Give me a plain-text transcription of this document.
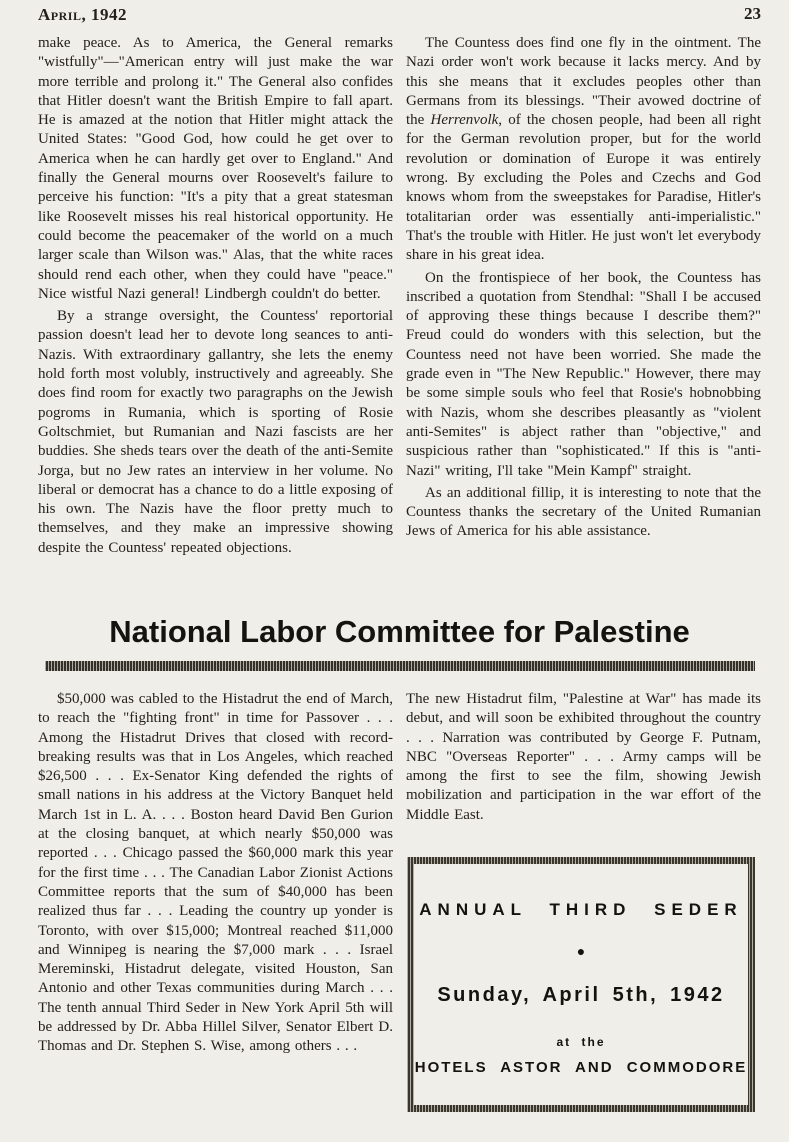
April, 1942	23

make peace. As to America, the General remarks "wistfully"—"American entry will just make the war more terrible and prolong it." The General also confides that Hitler doesn't want the British Empire to fall apart. He is amazed at the notion that Hitler might attack the United States: "Good God, how could he get over to America when he can hardly get over to England." And finally the General mourns over Roosevelt's failure to perceive his function: "It's a pity that a great statesman like Roosevelt misses his real historical opportunity. He could become the peacemaker of the world on a much larger scale than Wilson was." Alas, that the white races should rend each other, when they could have "peace." Nice wistful Nazi general! Lindbergh couldn't do better.

By a strange oversight, the Countess' reportorial passion doesn't lead her to devote long seances to anti-Nazis. With extraordinary gallantry, she lets the enemy hold forth most volubly, instructively and agreeably. She does find room for exactly two paragraphs on the Jewish pogroms in Rumania, which is sporting of Rosie Goltschmiet, but Rumanian and Nazi fascists are her buddies. She sheds tears over the death of the anti-Semite Jorga, but no Jew rates an interview in her volume. No liberal or democrat has a chance to do a little exposing of his own. The Nazis have the floor pretty much to themselves, and they make an impressive showing despite the Countess' repeated objections.

The Countess does find one fly in the ointment. The Nazi order won't work because it lacks mercy. And by this she means that it excludes peoples other than Germans from its blessings. "Their avowed doctrine of the Herrenvolk, of the chosen people, had been all right for the German revolution proper, but for the world revolution or domination of Europe it was entirely wrong. By excluding the Poles and Czechs and God knows whom from the sweepstakes for Paradise, Hitler's totalitarian order was essentially anti-imperialistic." That's the trouble with Hitler. He just won't let everybody share in his great idea.

On the frontispiece of her book, the Countess has inscribed a quotation from Stendhal: "Shall I be accused of approving these things because I describe them?" Freud could do wonders with this selection, but the Countess need not have been worried. She made the grade even in "The New Republic." However, there may be some simple souls who feel that Rosie's hobnobbing with Nazis, whom she describes pleasantly as "violent anti-Semites" is abject rather than "objective," and suspicious rather than "sophisticated." If this is "anti-Nazi" writing, I'll take "Mein Kampf" straight.

As an additional fillip, it is interesting to note that the Countess thanks the secretary of the United Rumanian Jews of America for his able assistance.

National Labor Committee for Palestine

$50,000 was cabled to the Histadrut the end of March, to reach the "fighting front" in time for Passover . . . Among the Histadrut Drives that closed with record-breaking results was that in Los Angeles, which reached $26,500 . . . Ex-Senator King defended the rights of small nations in his address at the Victory Banquet held March 1st in L. A. . . . Boston heard David Ben Gurion at the closing banquet, at which nearly $50,000 was reported . . . Chicago passed the $60,000 mark this year for the first time . . . The Canadian Labor Zionist Actions Committee reports that the sum of $40,000 has been realized thus far . . . Leading the country up yonder is Toronto, with over $15,000; Montreal reached $11,000 and Winnipeg is nearing the $7,000 mark . . . Israel Mereminski, Histadrut delegate, visited Houston, San Antonio and other Texas communities during March . . . The tenth annual Third Seder in New York April 5th will be addressed by Dr. Abba Hillel Silver, Senator Elbert D. Thomas and Dr. Stephen S. Wise, among others . . .

The new Histadrut film, "Palestine at War" has made its debut, and will soon be exhibited throughout the country . . . Narration was contributed by George F. Putnam, NBC "Overseas Reporter" . . . Army camps will be among the first to see the film, showing Jewish mobilization and participation in the war effort of the Middle East.

ANNUAL THIRD SEDER
●
Sunday, April 5th, 1942
at the
HOTELS ASTOR AND COMMODORE
